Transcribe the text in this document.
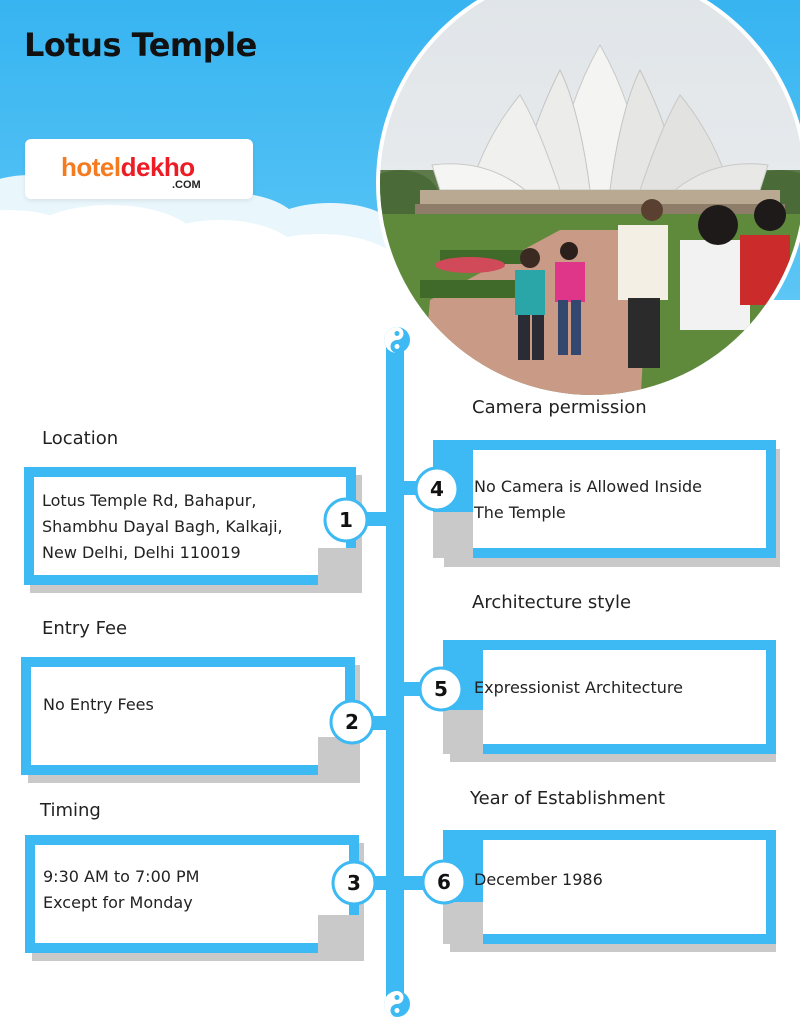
1
2
3
4
5
6
Lotus Temple
hoteldekho
.COM
Location
Entry Fee
Timing
Camera permission
Architecture style
Year of Establishment
Lotus Temple Rd, Bahapur,
Shambhu Dayal Bagh, Kalkaji,
New Delhi, Delhi 110019
No Entry Fees
9:30 AM to 7:00 PM
Except for Monday
No Camera is Allowed Inside
The Temple
Expressionist Architecture
December 1986
